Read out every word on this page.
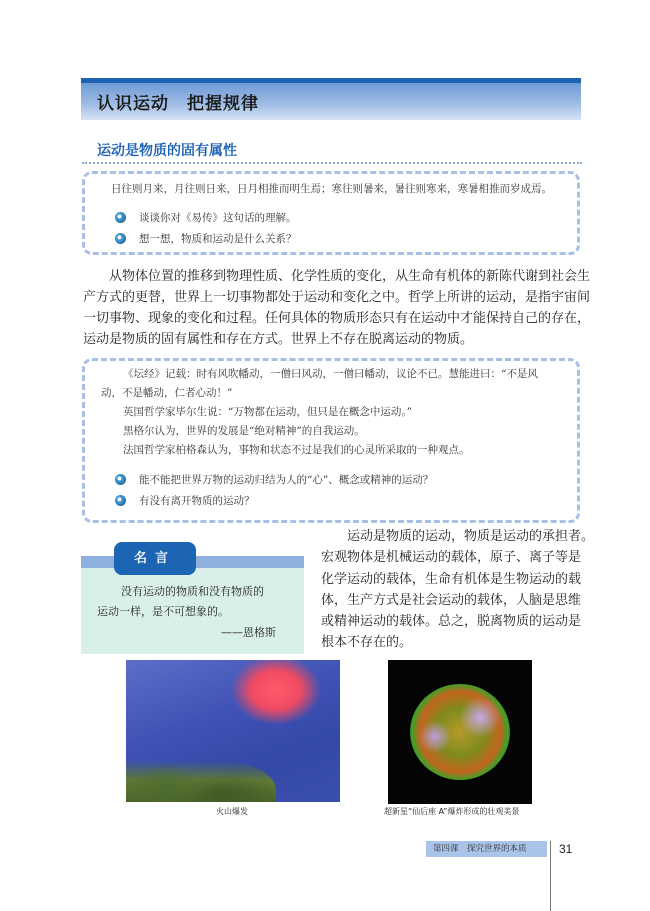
认识运动　把握规律
运动是物质的固有属性
日往则月来，月往则日来，日月相推而明生焉；寒往则暑来，暑往则寒来，寒暑相推而岁成焉。
谈谈你对《易传》这句话的理解。
想一想，物质和运动是什么关系？
从物体位置的推移到物理性质、化学性质的变化，从生命有机体的新陈代谢到社会生
产方式的更替，世界上一切事物都处于运动和变化之中。哲学上所讲的运动，是指宇宙间
一切事物、现象的变化和过程。任何具体的物质形态只有在运动中才能保持自己的存在，
运动是物质的固有属性和存在方式。世界上不存在脱离运动的物质。
《坛经》记载：时有风吹幡动，一僧曰风动，一僧曰幡动，议论不已。慧能进曰：“不是风
动，不是幡动，仁者心动！”
英国哲学家毕尔生说：“万物都在运动，但只是在概念中运动。”
黑格尔认为，世界的发展是“绝对精神”的自我运动。
法国哲学家柏格森认为，事物和状态不过是我们的心灵所采取的一种观点。
能不能把世界万物的运动归结为人的“心”、概念或精神的运动？
有没有离开物质的运动？
名言
没有运动的物质和没有物质的
运动一样，是不可想象的。
——恩格斯
运动是物质的运动，物质是运动的承担者。
宏观物体是机械运动的载体，原子、离子等是
化学运动的载体，生命有机体是生物运动的载
体，生产方式是社会运动的载体，人脑是思维
或精神运动的载体。总之，脱离物质的运动是
根本不存在的。
火山爆发	超新星“仙后座 A”爆炸形成的壮观美景
第四课　探究世界的本质	31
